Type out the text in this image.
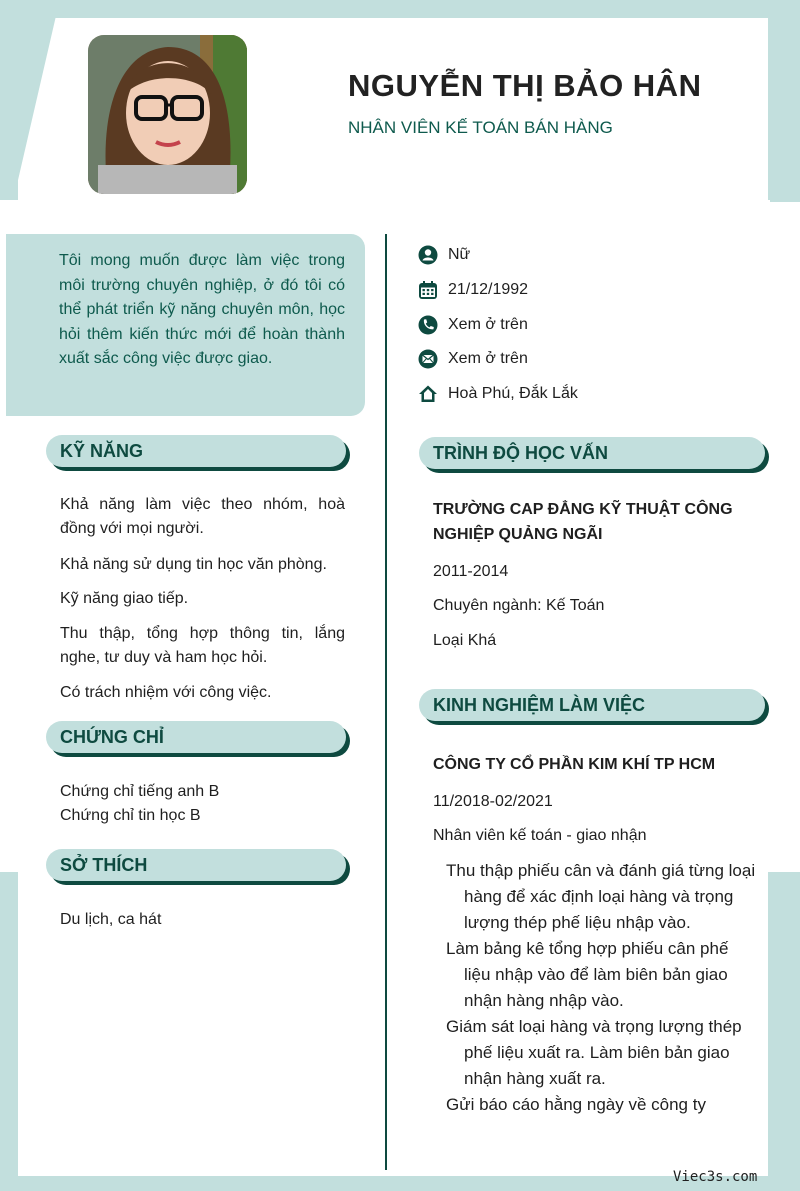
NGUYỄN THỊ BẢO HÂN
NHÂN VIÊN KẾ TOÁN BÁN HÀNG
Tôi mong muốn được làm việc trong môi trường chuyên nghiệp, ở đó tôi có thể phát triển kỹ năng chuyên môn, học hỏi thêm kiến thức mới để hoàn thành xuất sắc công việc được giao.
Nữ
21/12/1992
Xem ở trên
Xem ở trên
Hoà Phú, Đắk Lắk
KỸ NĂNG
Khả năng làm việc theo nhóm, hoà đồng với mọi người.
Khả năng sử dụng tin học văn phòng.
Kỹ năng giao tiếp.
Thu thập, tổng hợp thông tin, lắng nghe, tư duy và ham học hỏi.
Có trách nhiệm với công việc.
CHỨNG CHỈ
Chứng chỉ tiếng anh B
Chứng chỉ tin học B
SỞ THÍCH
Du lịch, ca hát
TRÌNH ĐỘ HỌC VẤN
TRƯỜNG CAP ĐẲNG KỸ THUẬT CÔNG
NGHIỆP QUẢNG NGÃI
2011-2014
Chuyên ngành: Kế Toán
Loại Khá
KINH NGHIỆM LÀM VIỆC
CÔNG TY CỔ PHẦN KIM KHÍ TP HCM
11/2018-02/2021
Nhân viên kế toán - giao nhận

Thu thập phiếu cân và đánh giá từng loại hàng để xác định loại hàng và trọng lượng thép phế liệu nhập vào.

Làm bảng kê tổng hợp phiếu cân phế liệu nhập vào để làm biên bản giao nhận hàng nhập vào.

Giám sát loại hàng và trọng lượng thép phế liệu xuất ra. Làm biên bản giao nhận hàng xuất ra.

Gửi báo cáo hằng ngày về công ty

Viec3s.com
